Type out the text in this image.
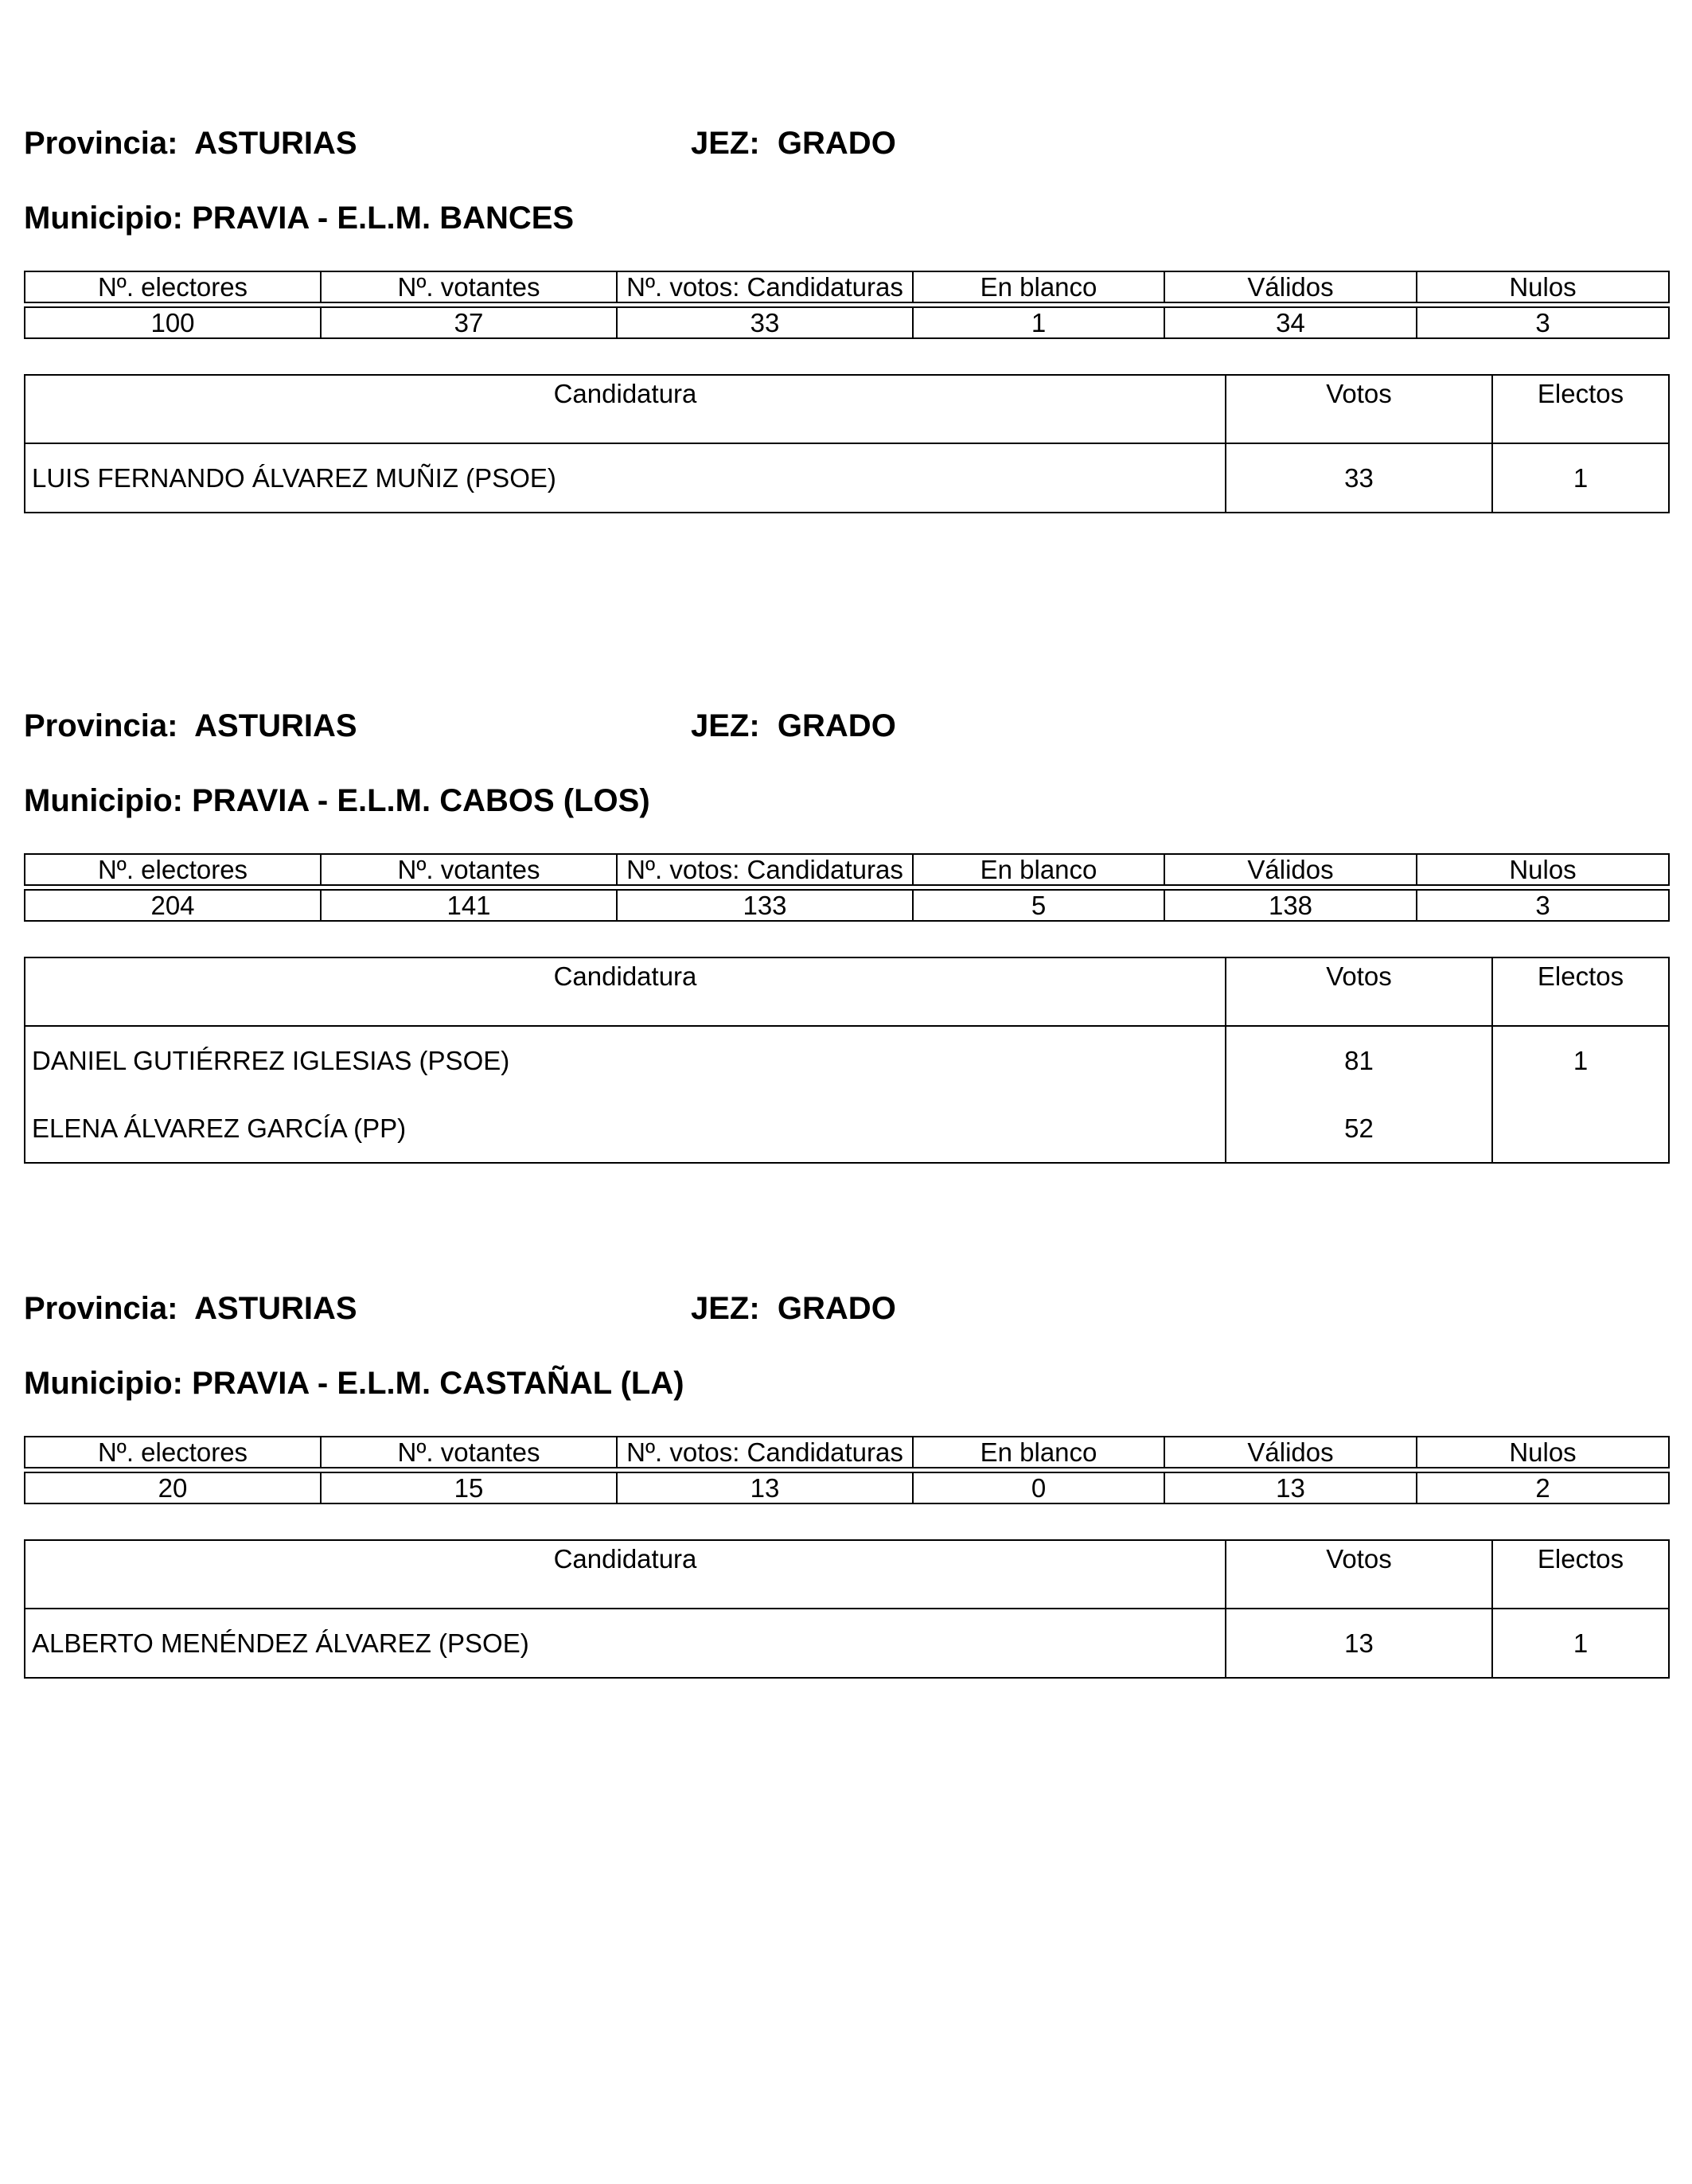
Provincia: ASTURIAS	JEZ: GRADO
Municipio: PRAVIA - E.L.M. BANCES
Nº. electores	Nº. votantes	Nº. votos: Candidaturas	En blanco	Válidos	Nulos

100	37	33	1	34	3
Candidatura	Votos	Electos
LUIS FERNANDO ÁLVAREZ MUÑIZ (PSOE)	33	1
Provincia: ASTURIAS	JEZ: GRADO
Municipio: PRAVIA - E.L.M. CABOS (LOS)
Nº. electores	Nº. votantes	Nº. votos: Candidaturas	En blanco	Válidos	Nulos

204	141	133	5	138	3
Candidatura	Votos	Electos
DANIEL GUTIÉRREZ IGLESIAS (PSOE)	81	1
ELENA ÁLVAREZ GARCÍA (PP)	52	
Provincia: ASTURIAS	JEZ: GRADO
Municipio: PRAVIA - E.L.M. CASTAÑAL (LA)
Nº. electores	Nº. votantes	Nº. votos: Candidaturas	En blanco	Válidos	Nulos

20	15	13	0	13	2
Candidatura	Votos	Electos
ALBERTO MENÉNDEZ ÁLVAREZ (PSOE)	13	1
